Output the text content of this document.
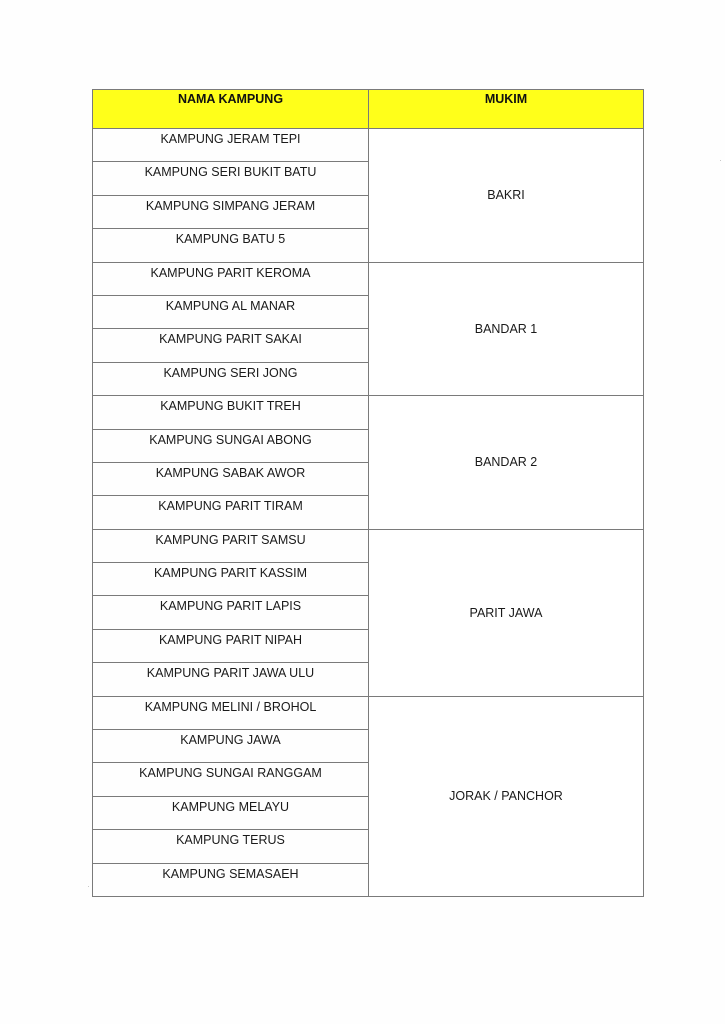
NAMA KAMPUNG	MUKIM
KAMPUNG JERAM TEPI	BAKRI
KAMPUNG SERI BUKIT BATU	
KAMPUNG SIMPANG JERAM	
KAMPUNG BATU 5	
KAMPUNG PARIT KEROMA	BANDAR 1
KAMPUNG AL MANAR	
KAMPUNG PARIT SAKAI	
KAMPUNG SERI JONG	
KAMPUNG BUKIT TREH	BANDAR 2
KAMPUNG SUNGAI ABONG	
KAMPUNG SABAK AWOR	
KAMPUNG PARIT TIRAM	
KAMPUNG PARIT SAMSU	PARIT JAWA
KAMPUNG PARIT KASSIM	
KAMPUNG PARIT LAPIS	
KAMPUNG PARIT NIPAH	
KAMPUNG PARIT JAWA ULU	
KAMPUNG MELINI / BROHOL	JORAK / PANCHOR
KAMPUNG JAWA	
KAMPUNG SUNGAI RANGGAM	
KAMPUNG MELAYU	
KAMPUNG TERUS	
KAMPUNG SEMASAEH	
